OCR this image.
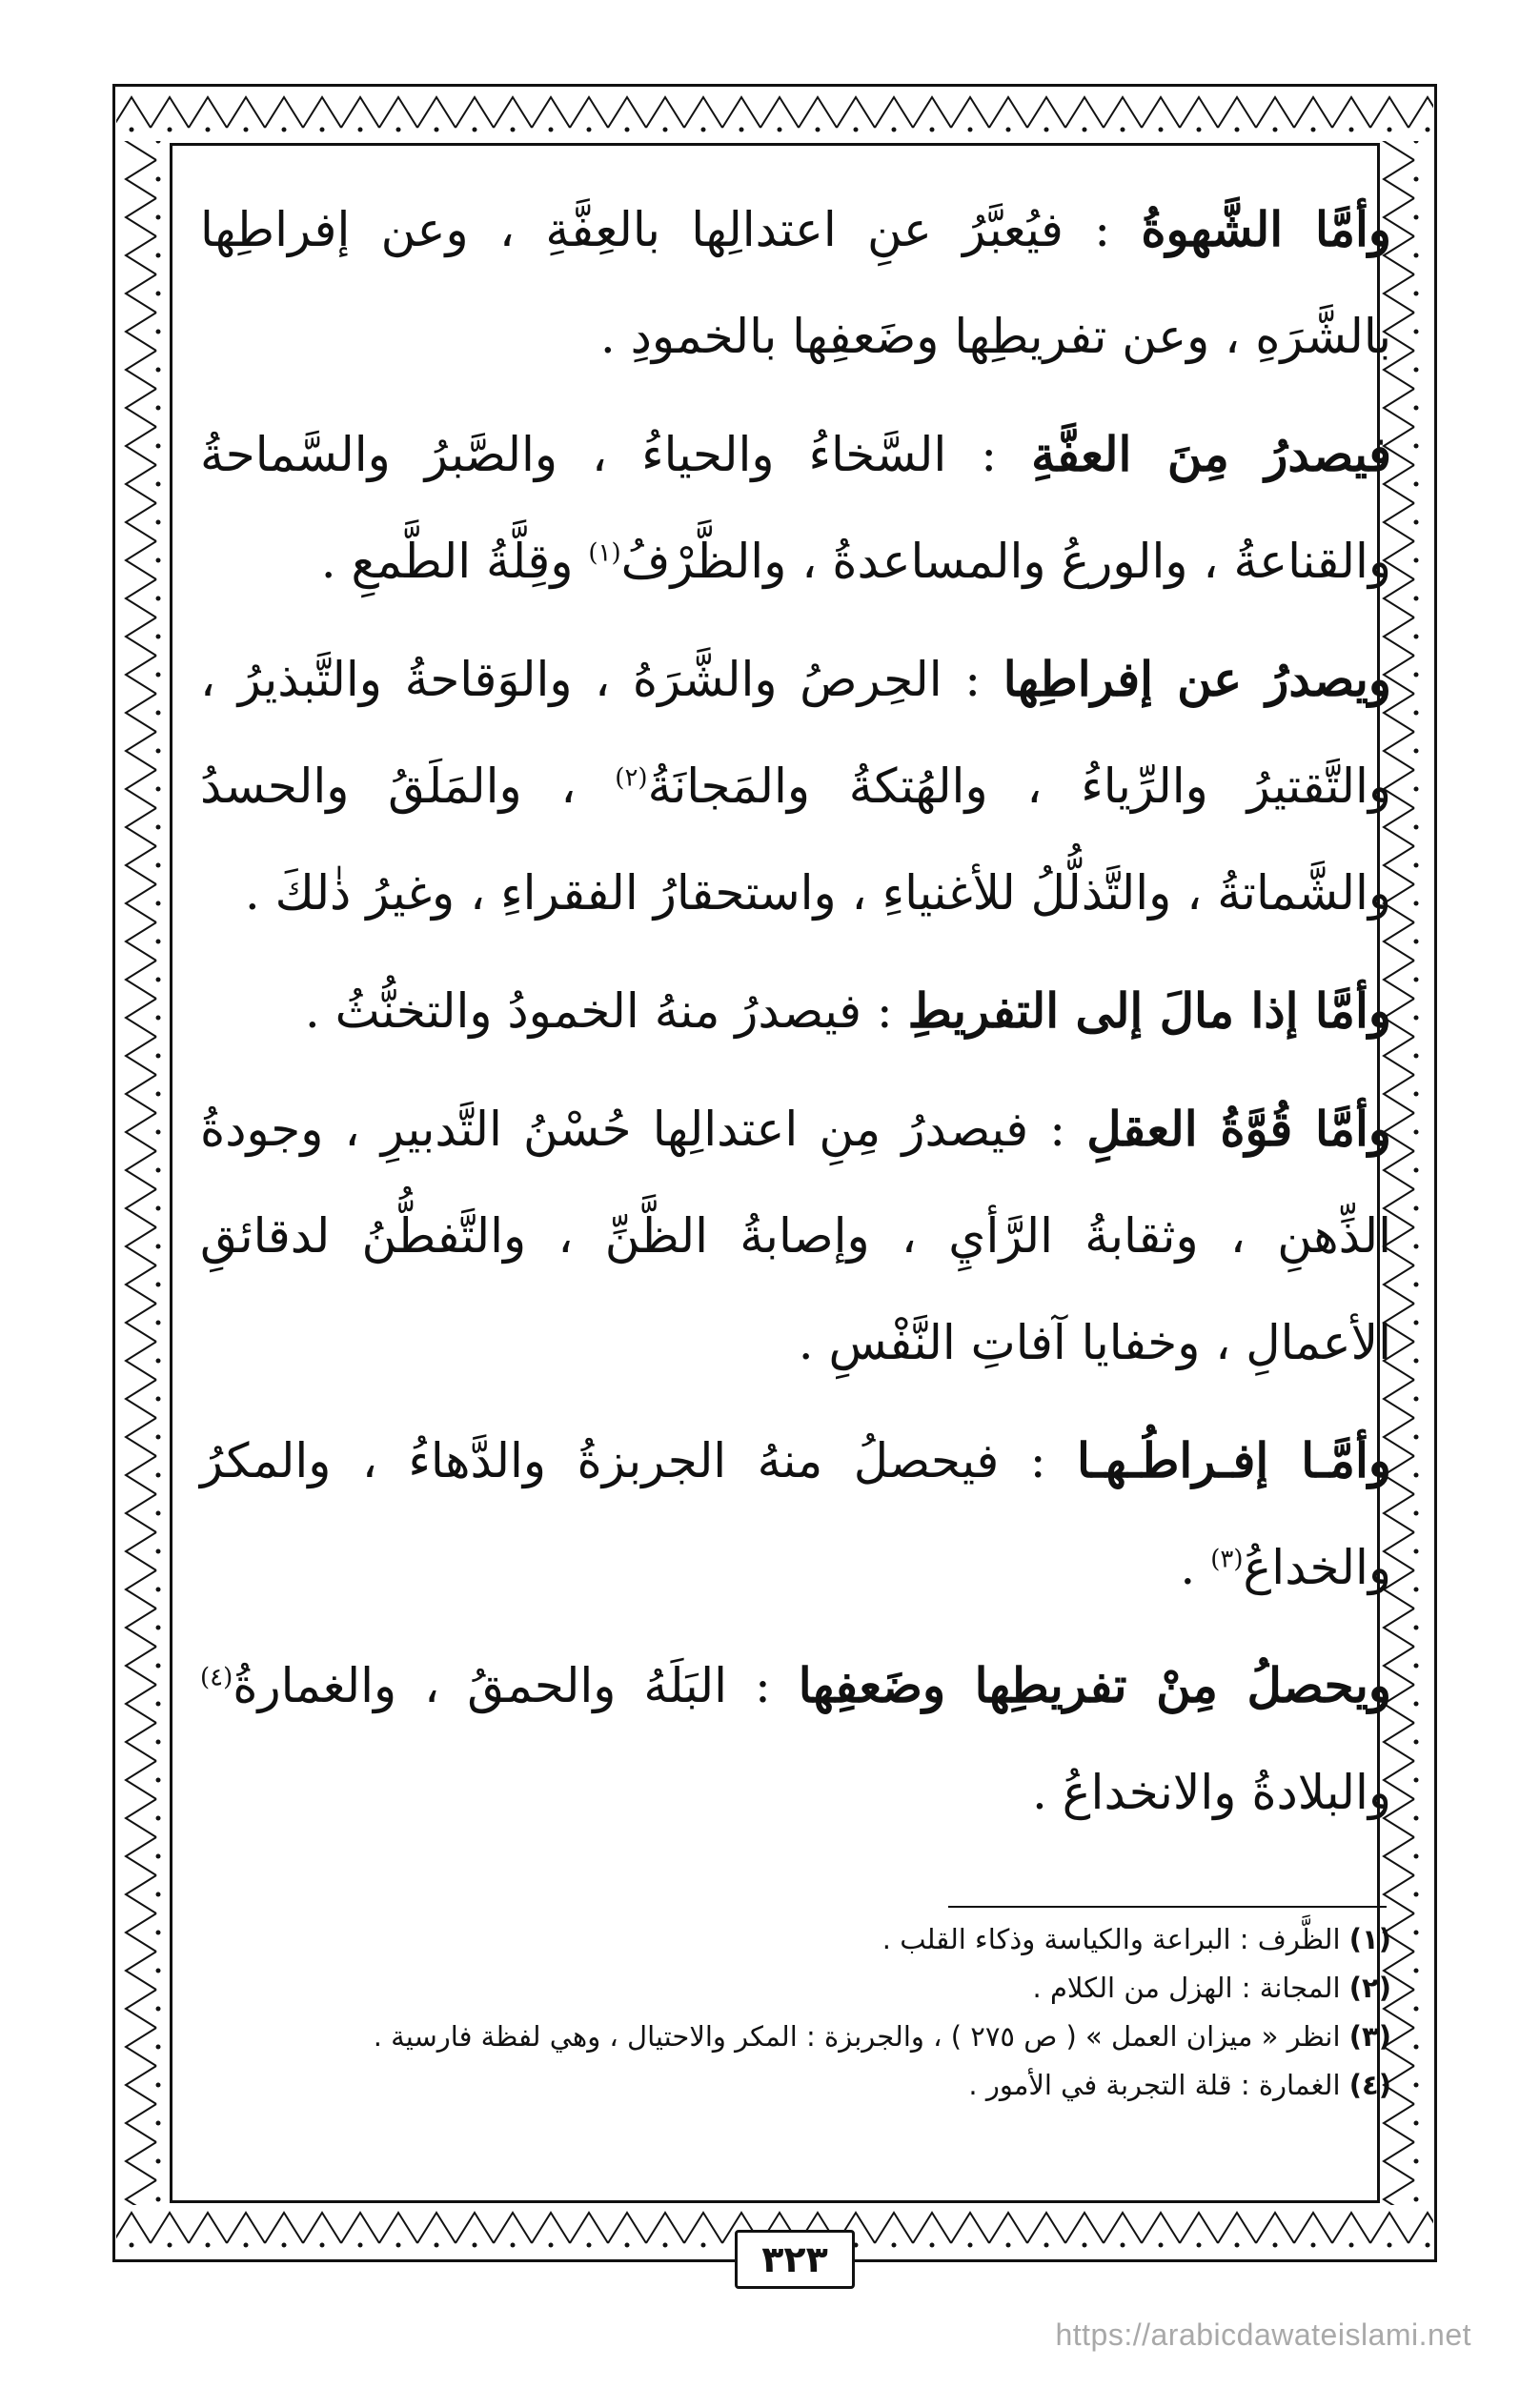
وأمَّا الشَّهوةُ : فيُعبَّرُ عنِ اعتدالِها بالعِفَّةِ ، وعن إفراطِها بالشَّرَهِ ، وعن تفريطِها وضَعفِها بالخمودِ .

فيصدرُ مِنَ العفَّةِ : السَّخاءُ والحياءُ ، والصَّبرُ والسَّماحةُ والقناعةُ ، والورعُ والمساعدةُ ، والظَّرْفُ$^{(١)}$ وقِلَّةُ الطَّمعِ .

ويصدرُ عن إفراطِها : الحِرصُ والشَّرَهُ ، والوَقاحةُ والتَّبذيرُ ، والتَّقتيرُ والرِّياءُ ، والهُتكةُ والمَجانَةُ$^{(٢)}$ ، والمَلَقُ والحسدُ والشَّماتةُ ، والتَّذلُّلُ للأغنياءِ ، واستحقارُ الفقراءِ ، وغيرُ ذٰلكَ .

وأمَّا إذا مالَ إلى التفريطِ : فيصدرُ منهُ الخمودُ والتخنُّثُ .

وأمَّا قُوَّةُ العقلِ : فيصدرُ مِنِ اعتدالِها حُسْنُ التَّدبيرِ ، وجودةُ الذِّهنِ ، وثقابةُ الرَّأيِ ، وإصابةُ الظَّنِّ ، والتَّفطُّنُ لدقائقِ الأعمالِ ، وخفايا آفاتِ النَّفْسِ .

وأمَّـا إفـراطُـهـا : فيحصلُ منهُ الجربزةُ والدَّهاءُ ، والمكرُ والخداعُ$^{(٣)}$ .

ويحصلُ مِنْ تفريطِها وضَعفِها : البَلَهُ والحمقُ ، والغمارةُ$^{(٤)}$ والبلادةُ والانخداعُ .

(١) الظَّرف : البراعة والكياسة وذكاء القلب .

(٢) المجانة : الهزل من الكلام .

(٣) انظر « ميزان العمل » ( ص ٢٧٥ ) ، والجربزة : المكر والاحتيال ، وهي لفظة فارسية .

(٤) الغمارة : قلة التجربة في الأمور .

٣٢٣
https://arabicdawateislami.net
